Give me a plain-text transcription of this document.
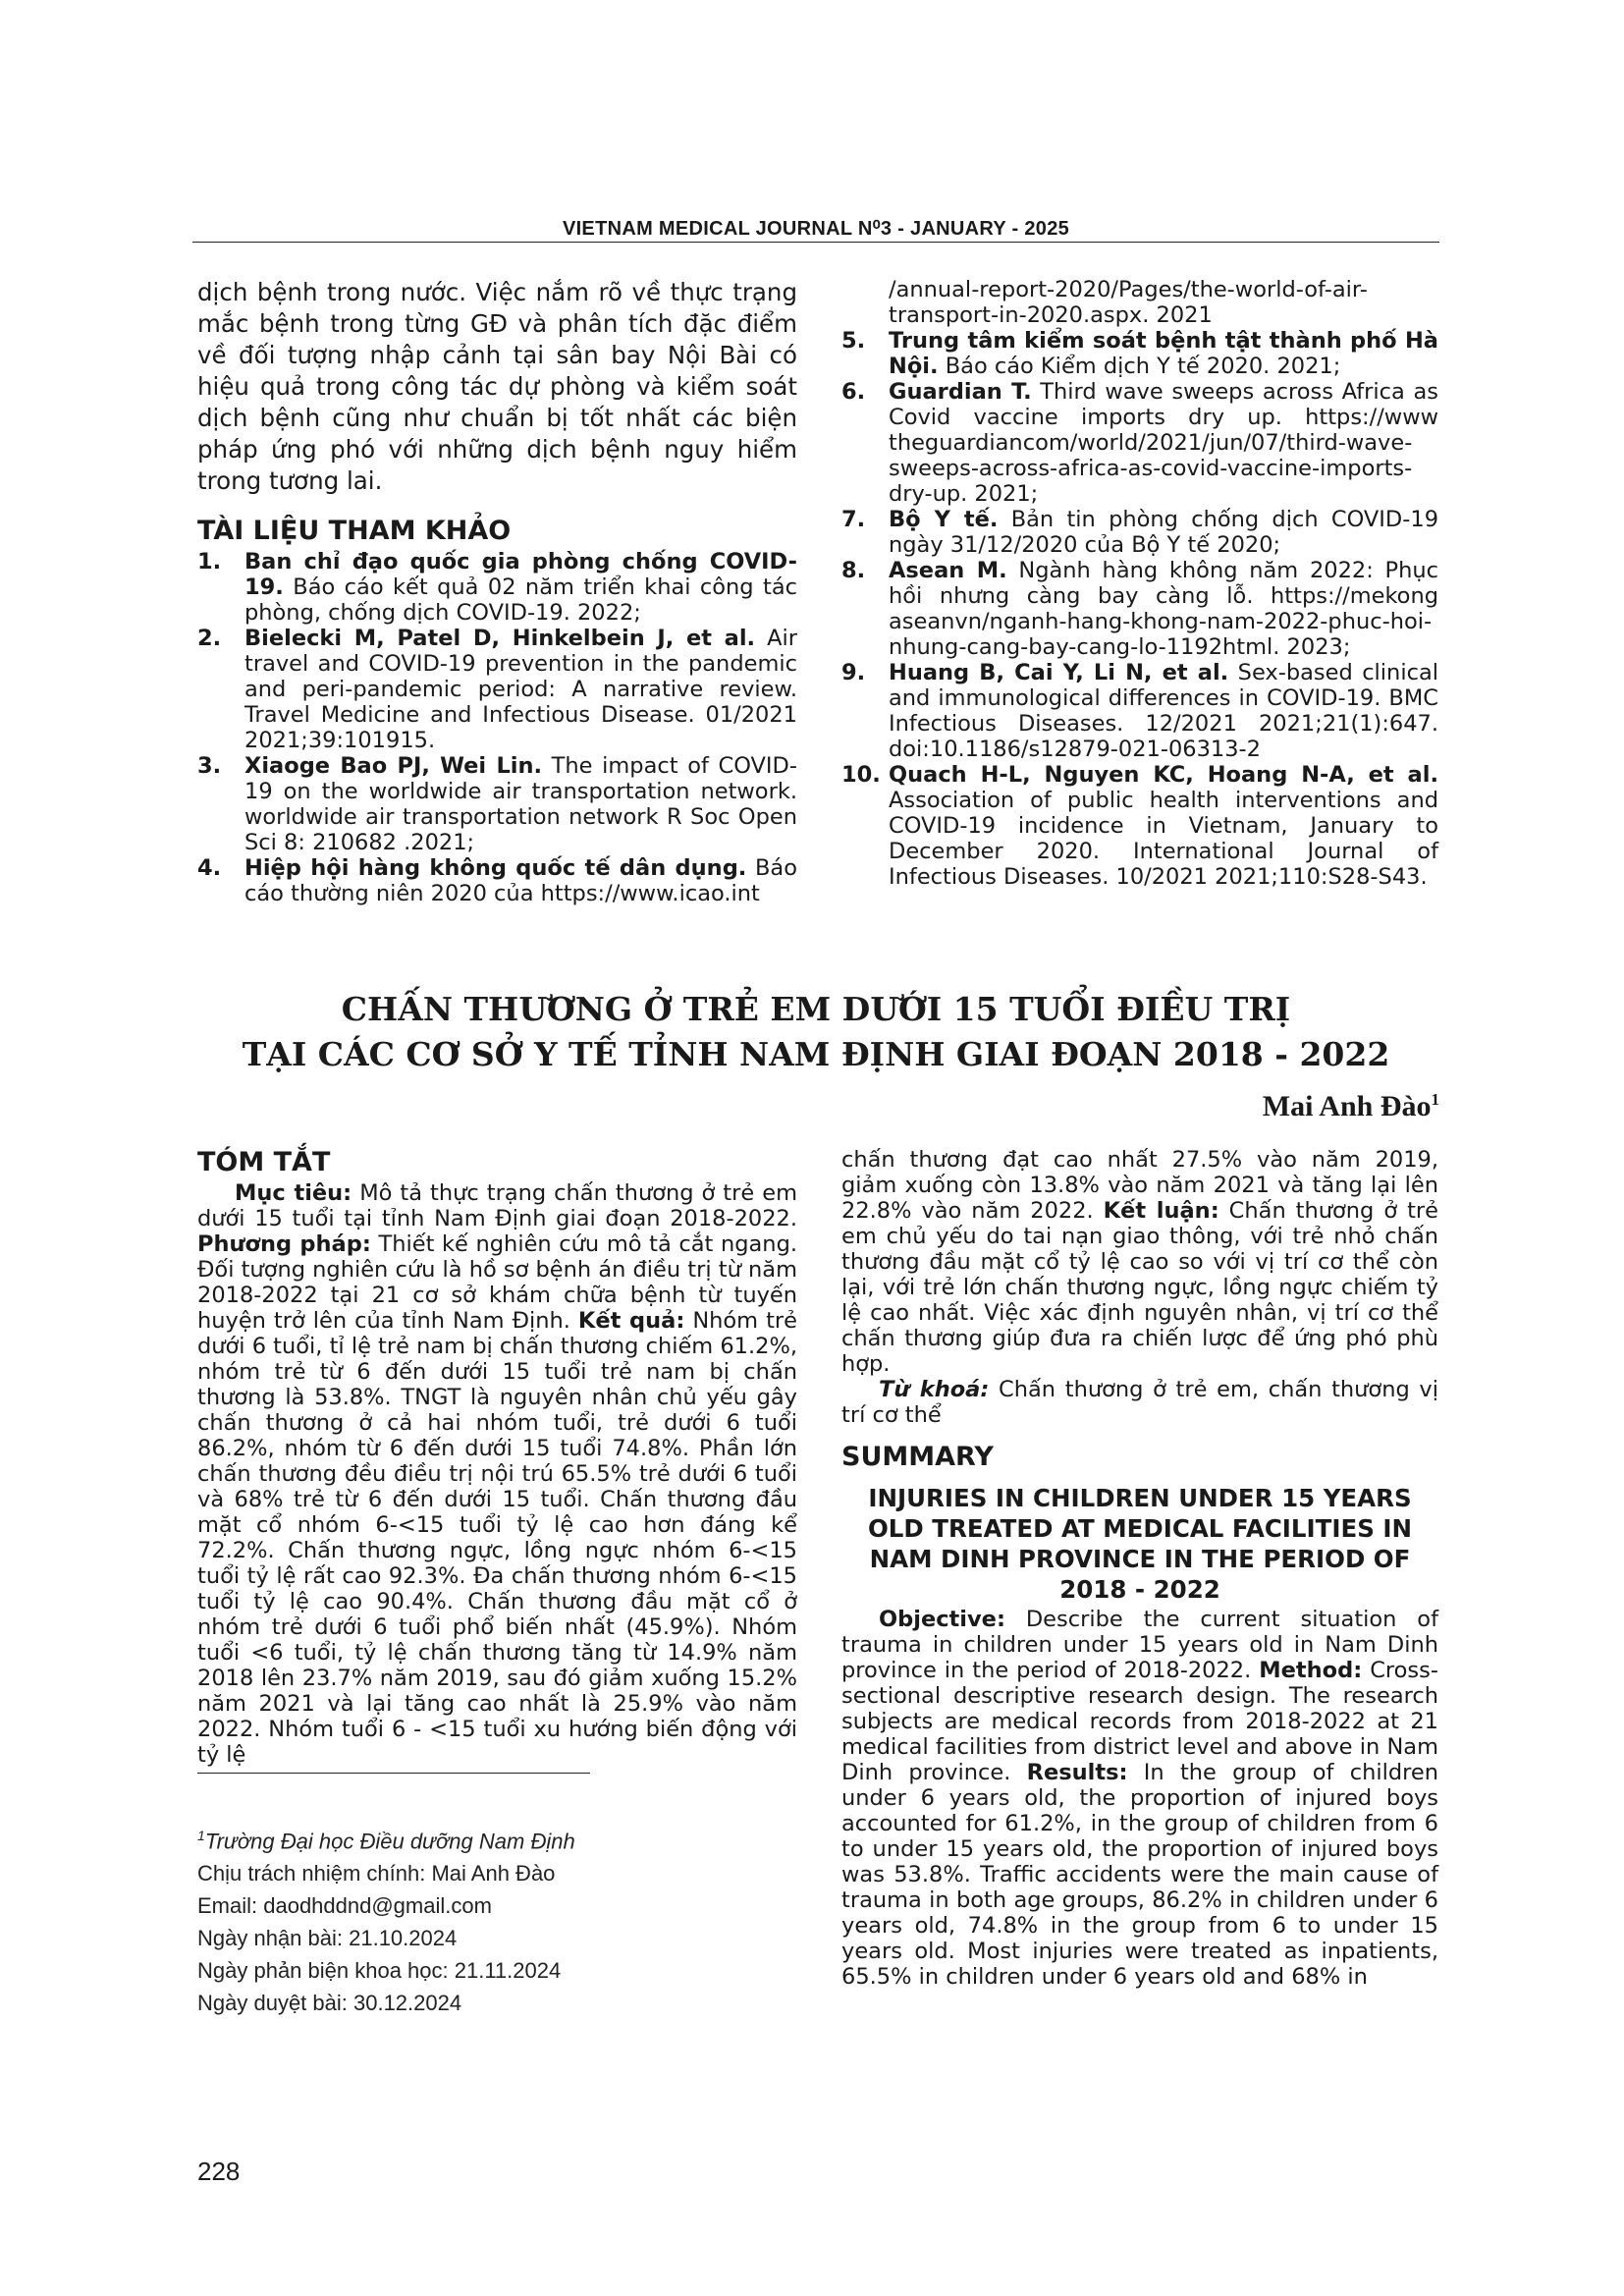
VIETNAM MEDICAL JOURNAL N⁰3 - JANUARY - 2025

dịch bệnh trong nước. Việc nắm rõ về thực trạng mắc bệnh trong từng GĐ và phân tích đặc điểm về đối tượng nhập cảnh tại sân bay Nội Bài có hiệu quả trong công tác dự phòng và kiểm soát dịch bệnh cũng như chuẩn bị tốt nhất các biện pháp ứng phó với những dịch bệnh nguy hiểm trong tương lai.

TÀI LIỆU THAM KHẢO
1.	Ban chỉ đạo quốc gia phòng chống COVID-19. Báo cáo kết quả 02 năm triển khai công tác phòng, chống dịch COVID-19. 2022;
2.	Bielecki M, Patel D, Hinkelbein J, et al. Air travel and COVID-19 prevention in the pandemic and peri-pandemic period: A narrative review. Travel Medicine and Infectious Disease. 01/2021 2021;39:101915.
3.	Xiaoge Bao PJ, Wei Lin. The impact of COVID-19 on the worldwide air transportation network. worldwide air transportation network R Soc Open Sci 8: 210682 .2021;
4.	Hiệp hội hàng không quốc tế dân dụng. Báo cáo thường niên 2020 của https://www.icao.int
/annual-report-2020/Pages/the-world-of-air-transport-in-2020.aspx. 2021
5.	Trung tâm kiểm soát bệnh tật thành phố Hà Nội. Báo cáo Kiểm dịch Y tế 2020. 2021;
6.	Guardian T. Third wave sweeps across Africa as Covid vaccine imports dry up. https://www theguardiancom/world/2021/jun/07/third-wave-sweeps-across-africa-as-covid-vaccine-imports-dry-up. 2021;
7.	Bộ Y tế. Bản tin phòng chống dịch COVID-19 ngày 31/12/2020 của Bộ Y tế 2020;
8.	Asean M. Ngành hàng không năm 2022: Phục hồi nhưng càng bay càng lỗ. https://mekong aseanvn/nganh-hang-khong-nam-2022-phuc-hoi-nhung-cang-bay-cang-lo-1192html. 2023;
9.	Huang B, Cai Y, Li N, et al. Sex-based clinical and immunological differences in COVID-19. BMC Infectious Diseases. 12/2021 2021;21(1):647. doi:10.1186/s12879-021-06313-2
10. Quach H-L, Nguyen KC, Hoang N-A, et al. Association of public health interventions and COVID-19 incidence in Vietnam, January to December 2020. International Journal of Infectious Diseases. 10/2021 2021;110:S28-S43.
CHẤN THƯƠNG Ở TRẺ EM DƯỚI 15 TUỔI ĐIỀU TRỊ
TẠI CÁC CƠ SỞ Y TẾ TỈNH NAM ĐỊNH GIAI ĐOẠN 2018 - 2022
Mai Anh Đào$^1$
TÓM TẮT

Mục tiêu: Mô tả thực trạng chấn thương ở trẻ em dưới 15 tuổi tại tỉnh Nam Định giai đoạn 2018-2022. Phương pháp: Thiết kế nghiên cứu mô tả cắt ngang. Đối tượng nghiên cứu là hồ sơ bệnh án điều trị từ năm 2018-2022 tại 21 cơ sở khám chữa bệnh từ tuyến huyện trở lên của tỉnh Nam Định. Kết quả: Nhóm trẻ dưới 6 tuổi, tỉ lệ trẻ nam bị chấn thương chiếm 61.2%, nhóm trẻ từ 6 đến dưới 15 tuổi trẻ nam bị chấn thương là 53.8%. TNGT là nguyên nhân chủ yếu gây chấn thương ở cả hai nhóm tuổi, trẻ dưới 6 tuổi 86.2%, nhóm từ 6 đến dưới 15 tuổi 74.8%. Phần lớn chấn thương đều điều trị nội trú 65.5% trẻ dưới 6 tuổi và 68% trẻ từ 6 đến dưới 15 tuổi. Chấn thương đầu mặt cổ nhóm 6-<15 tuổi tỷ lệ cao hơn đáng kể 72.2%. Chấn thương ngực, lồng ngực nhóm 6-<15 tuổi tỷ lệ rất cao 92.3%. Đa chấn thương nhóm 6-<15 tuổi tỷ lệ cao 90.4%. Chấn thương đầu mặt cổ ở nhóm trẻ dưới 6 tuổi phổ biến nhất (45.9%). Nhóm tuổi <6 tuổi, tỷ lệ chấn thương tăng từ 14.9% năm 2018 lên 23.7% năm 2019, sau đó giảm xuống 15.2% năm 2021 và lại tăng cao nhất là 25.9% vào năm 2022. Nhóm tuổi 6 - <15 tuổi xu hướng biến động với tỷ lệ

$^1$Trường Đại học Điều dưỡng Nam Định
Chịu trách nhiệm chính: Mai Anh Đào
Email: daodhddnd@gmail.com
Ngày nhận bài: 21.10.2024
Ngày phản biện khoa học: 21.11.2024
Ngày duyệt bài: 30.12.2024

chấn thương đạt cao nhất 27.5% vào năm 2019, giảm xuống còn 13.8% vào năm 2021 và tăng lại lên 22.8% vào năm 2022. Kết luận: Chấn thương ở trẻ em chủ yếu do tai nạn giao thông, với trẻ nhỏ chấn thương đầu mặt cổ tỷ lệ cao so với vị trí cơ thể còn lại, với trẻ lớn chấn thương ngực, lồng ngực chiếm tỷ lệ cao nhất. Việc xác định nguyên nhân, vị trí cơ thể chấn thương giúp đưa ra chiến lược để ứng phó phù hợp.

Từ khoá: Chấn thương ở trẻ em, chấn thương vị trí cơ thể

SUMMARY
INJURIES IN CHILDREN UNDER 15 YEARS OLD TREATED AT MEDICAL FACILITIES IN NAM DINH PROVINCE IN THE PERIOD OF 2018 - 2022

Objective: Describe the current situation of trauma in children under 15 years old in Nam Dinh province in the period of 2018-2022. Method: Cross-sectional descriptive research design. The research subjects are medical records from 2018-2022 at 21 medical facilities from district level and above in Nam Dinh province. Results: In the group of children under 6 years old, the proportion of injured boys accounted for 61.2%, in the group of children from 6 to under 15 years old, the proportion of injured boys was 53.8%. Traffic accidents were the main cause of trauma in both age groups, 86.2% in children under 6 years old, 74.8% in the group from 6 to under 15 years old. Most injuries were treated as inpatients, 65.5% in children under 6 years old and 68% in

228
